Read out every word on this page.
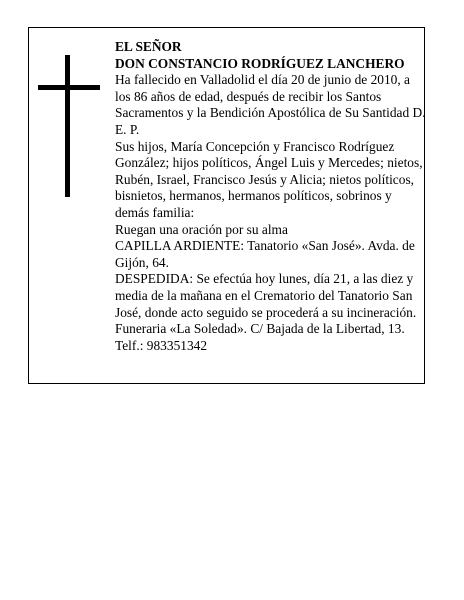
EL SEÑOR

DON CONSTANCIO RODRÍGUEZ LANCHERO

Ha fallecido en Valladolid el día 20 de junio de 2010, a los 86 años de edad, después de recibir los Santos Sacramentos y la Bendición Apostólica de Su Santidad D. E. P.

Sus hijos, María Concepción y Francisco Rodríguez González; hijos políticos, Ángel Luis y Mercedes; nietos, Rubén, Israel, Francisco Jesús y Alicia; nietos políticos, bisnietos, hermanos, hermanos políticos, sobrinos y demás familia:

Ruegan una oración por su alma

CAPILLA ARDIENTE: Tanatorio «San José». Avda. de Gijón, 64.

DESPEDIDA: Se efectúa hoy lunes, día 21, a las diez y media de la mañana en el Crematorio del Tanatorio San José, donde acto seguido se procederá a su incineración.

Funeraria «La Soledad». C/ Bajada de la Libertad, 13.

Telf.: 983351342
